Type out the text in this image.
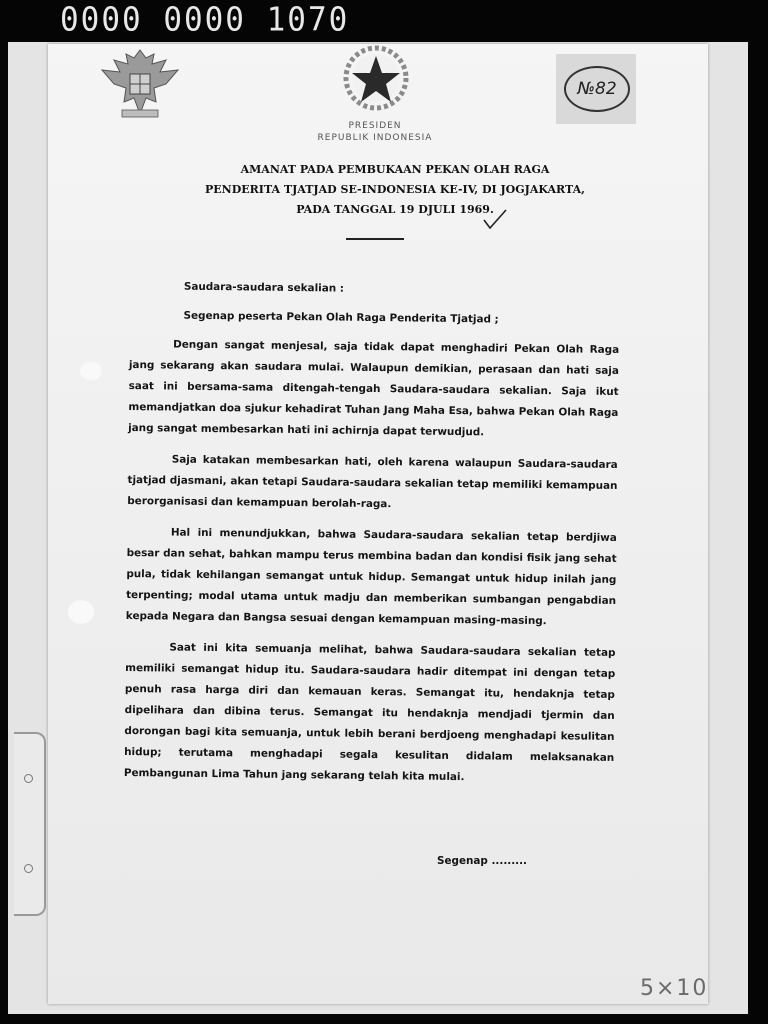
0000 0000 1070
PRESIDEN
REPUBLIK INDONESIA
№82
AMANAT PADA PEMBUKAAN PEKAN OLAH RAGA
PENDERITA TJATJAD SE-INDONESIA KE-IV, DI JOGJAKARTA,
PADA TANGGAL 19 DJULI 1969.

Saudara-saudara sekalian :

Segenap peserta Pekan Olah Raga Penderita Tjatjad ;

Dengan sangat menjesal, saja tidak dapat menghadiri Pekan Olah Raga jang sekarang akan saudara mulai. Walaupun demikian, perasaan dan hati saja saat ini bersama-sama ditengah-tengah Saudara-saudara sekalian. Saja ikut memandjatkan doa sjukur kehadirat Tuhan Jang Maha Esa, bahwa Pekan Olah Raga jang sangat membesarkan hati ini achirnja dapat terwudjud.

Saja katakan membesarkan hati, oleh karena walaupun Saudara-saudara tjatjad djasmani, akan tetapi Saudara-saudara sekalian tetap memiliki kemampuan berorganisasi dan kemampuan berolah-raga.

Hal ini menundjukkan, bahwa Saudara-saudara sekalian tetap berdjiwa besar dan sehat, bahkan mampu terus membina badan dan kondisi fisik jang sehat pula, tidak kehilangan semangat untuk hidup. Semangat untuk hidup inilah jang terpenting; modal utama untuk madju dan memberikan sumbangan pengabdian kepada Negara dan Bangsa sesuai dengan kemampuan masing-masing.

Saat ini kita semuanja melihat, bahwa Saudara-saudara sekalian tetap memiliki semangat hidup itu. Saudara-saudara hadir ditempat ini dengan tetap penuh rasa harga diri dan kemauan keras. Semangat itu, hendaknja tetap dipelihara dan dibina terus. Semangat itu hendaknja mendjadi tjermin dan dorongan bagi kita semuanja, untuk lebih berani berdjoeng menghadapi kesulitan hidup; terutama menghadapi segala kesulitan didalam melaksanakan Pembangunan Lima Tahun jang sekarang telah kita mulai.

Segenap .........
5×10
